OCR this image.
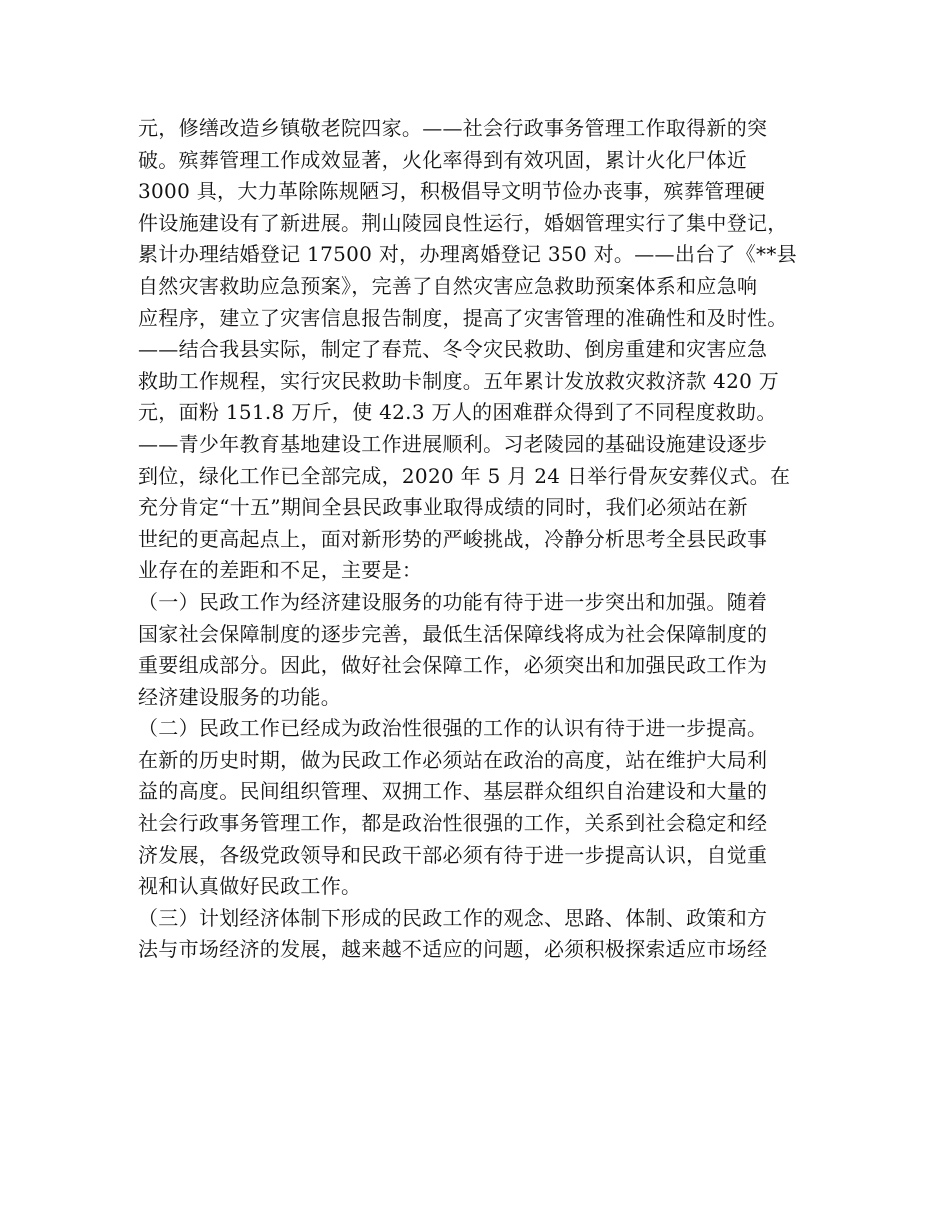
元，修缮改造乡镇敬老院四家。——社会行政事务管理工作取得新的突
破。殡葬管理工作成效显著，火化率得到有效巩固，累计火化尸体近
3000 具，大力革除陈规陋习，积极倡导文明节俭办丧事，殡葬管理硬
件设施建设有了新进展。荆山陵园良性运行，婚姻管理实行了集中登记，
累计办理结婚登记 17500 对，办理离婚登记 350 对。——出台了《**县
自然灾害救助应急预案》，完善了自然灾害应急救助预案体系和应急响
应程序，建立了灾害信息报告制度，提高了灾害管理的准确性和及时性。
——结合我县实际，制定了春荒、冬令灾民救助、倒房重建和灾害应急
救助工作规程，实行灾民救助卡制度。五年累计发放救灾救济款 420 万
元，面粉 151.8 万斤，使 42.3 万人的困难群众得到了不同程度救助。
——青少年教育基地建设工作进展顺利。习老陵园的基础设施建设逐步
到位，绿化工作已全部完成，2020 年 5 月 24 日举行骨灰安葬仪式。在
充分肯定“十五”期间全县民政事业取得成绩的同时，我们必须站在新
世纪的更高起点上，面对新形势的严峻挑战，冷静分析思考全县民政事
业存在的差距和不足，主要是：
（一）民政工作为经济建设服务的功能有待于进一步突出和加强。随着
国家社会保障制度的逐步完善，最低生活保障线将成为社会保障制度的
重要组成部分。因此，做好社会保障工作，必须突出和加强民政工作为
经济建设服务的功能。
（二）民政工作已经成为政治性很强的工作的认识有待于进一步提高。
在新的历史时期，做为民政工作必须站在政治的高度，站在维护大局利
益的高度。民间组织管理、双拥工作、基层群众组织自治建设和大量的
社会行政事务管理工作，都是政治性很强的工作，关系到社会稳定和经
济发展，各级党政领导和民政干部必须有待于进一步提高认识，自觉重
视和认真做好民政工作。
（三）计划经济体制下形成的民政工作的观念、思路、体制、政策和方
法与市场经济的发展，越来越不适应的问题，必须积极探索适应市场经
